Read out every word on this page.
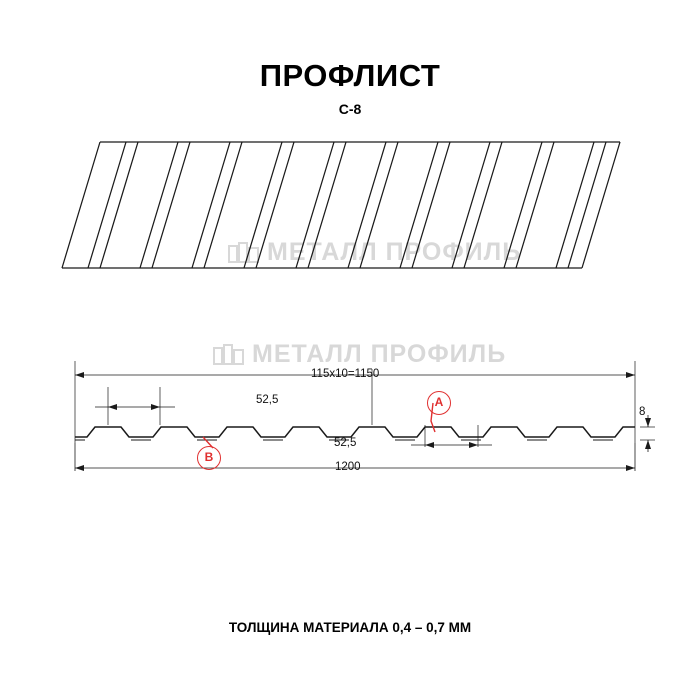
ПРОФЛИСТ
С-8
МЕТАЛЛ ПРОФИЛЬ
МЕТАЛЛ ПРОФИЛЬ
A
B
115х10=1150
52,5
52,5
1200
8
ТОЛЩИНА МАТЕРИАЛА 0,4 – 0,7 ММ
